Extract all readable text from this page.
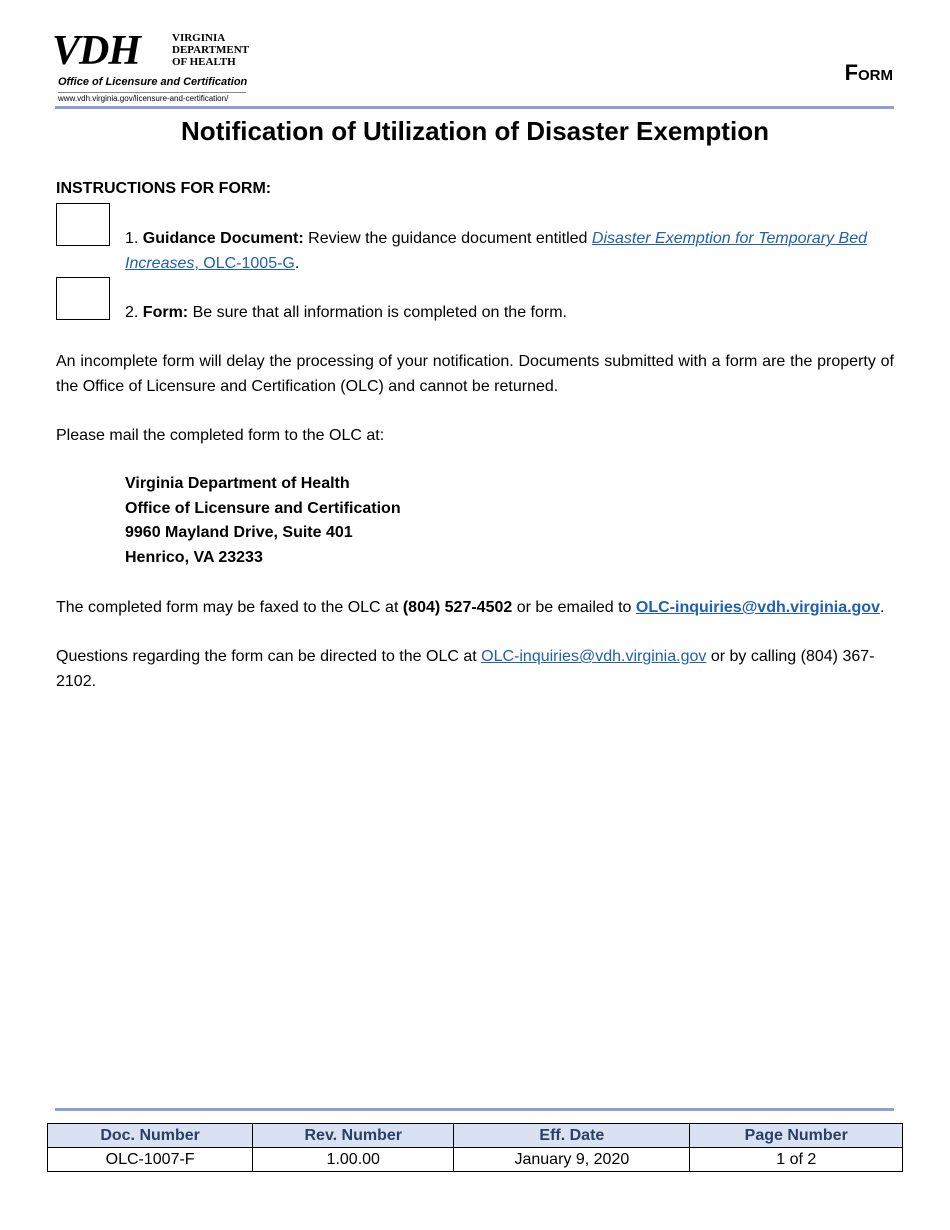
VDH	VIRGINIA
DEPARTMENT
OF HEALTH
Office of Licensure and Certification
www.vdh.virginia.gov/licensure-and-certification/
Form
Notification of Utilization of Disaster Exemption
INSTRUCTIONS FOR FORM:
1. Guidance Document: Review the guidance document entitled Disaster Exemption for Temporary Bed Increases, OLC-1005-G.
2. Form: Be sure that all information is completed on the form.
An incomplete form will delay the processing of your notification. Documents submitted with a form are the property of the Office of Licensure and Certification (OLC) and cannot be returned.
Please mail the completed form to the OLC at:
Virginia Department of Health
Office of Licensure and Certification
9960 Mayland Drive, Suite 401
Henrico, VA 23233
The completed form may be faxed to the OLC at (804) 527-4502 or be emailed to OLC-inquiries@vdh.virginia.gov.
Questions regarding the form can be directed to the OLC at OLC-inquiries@vdh.virginia.gov or by calling (804) 367-2102.
Doc. Number	Rev. Number	Eff. Date	Page Number
OLC-1007-F	1.00.00	January 9, 2020	1 of 2
